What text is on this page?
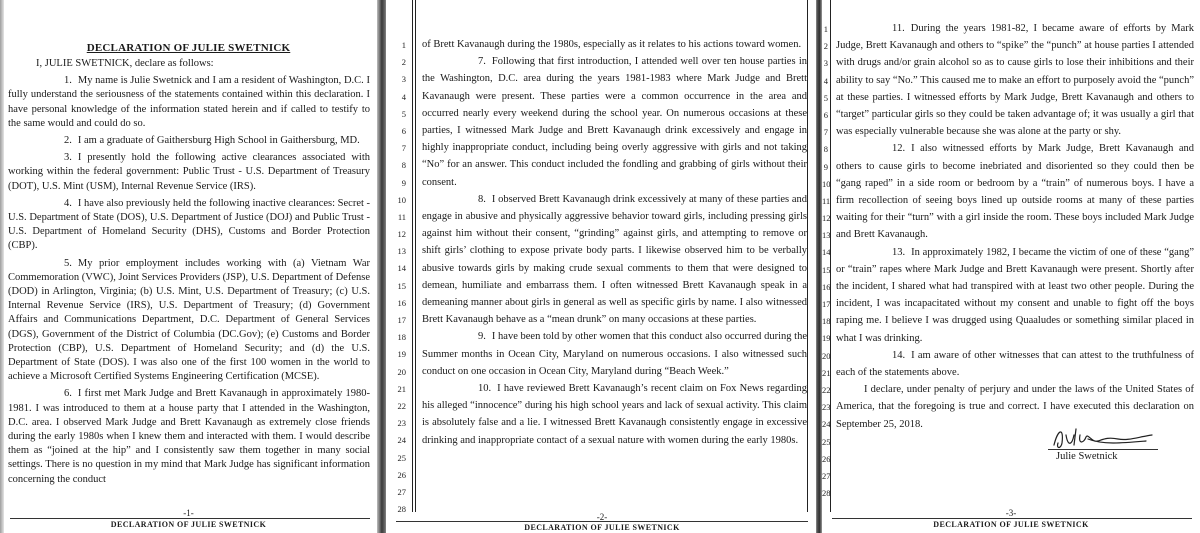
DECLARATION OF JULIE SWETNICK

I, JULIE SWETNICK, declare as follows:

1. My name is Julie Swetnick and I am a resident of Washington, D.C. I fully understand the seriousness of the statements contained within this declaration. I have personal knowledge of the information stated herein and if called to testify to the same would and could do so.

2. I am a graduate of Gaithersburg High School in Gaithersburg, MD.

3. I presently hold the following active clearances associated with working within the federal government: Public Trust - U.S. Department of Treasury (DOT), U.S. Mint (USM), Internal Revenue Service (IRS).

4. I have also previously held the following inactive clearances: Secret - U.S. Department of State (DOS), U.S. Department of Justice (DOJ) and Public Trust - U.S. Department of Homeland Security (DHS), Customs and Border Protection (CBP).

5. My prior employment includes working with (a) Vietnam War Commemoration (VWC), Joint Services Providers (JSP), U.S. Department of Defense (DOD) in Arlington, Virginia; (b) U.S. Mint, U.S. Department of Treasury; (c) U.S. Internal Revenue Service (IRS), U.S. Department of Treasury; (d) Government Affairs and Communications Department, D.C. Department of General Services (DGS), Government of the District of Columbia (DC.Gov); (e) Customs and Border Protection (CBP), U.S. Department of Homeland Security; and (d) the U.S. Department of State (DOS). I was also one of the first 100 women in the world to achieve a Microsoft Certified Systems Engineering Certification (MCSE).

6. I first met Mark Judge and Brett Kavanaugh in approximately 1980-1981. I was introduced to them at a house party that I attended in the Washington, D.C. area. I observed Mark Judge and Brett Kavanaugh as extremely close friends during the early 1980s when I knew them and interacted with them. I would describe them as “joined at the hip” and I consistently saw them together in many social settings. There is no question in my mind that Mark Judge has significant information concerning the conduct

-1-
DECLARATION OF JULIE SWETNICK
1
2
3
4
5
6
7
8
9
10
11
12
13
14
15
16
17
18
19
20
21
22
23
24
25
26
27
28

of Brett Kavanaugh during the 1980s, especially as it relates to his actions toward women.

7. Following that first introduction, I attended well over ten house parties in the Washington, D.C. area during the years 1981-1983 where Mark Judge and Brett Kavanaugh were present. These parties were a common occurrence in the area and occurred nearly every weekend during the school year. On numerous occasions at these parties, I witnessed Mark Judge and Brett Kavanaugh drink excessively and engage in highly inappropriate conduct, including being overly aggressive with girls and not taking “No” for an answer. This conduct included the fondling and grabbing of girls without their consent.

8. I observed Brett Kavanaugh drink excessively at many of these parties and engage in abusive and physically aggressive behavior toward girls, including pressing girls against him without their consent, “grinding” against girls, and attempting to remove or shift girls’ clothing to expose private body parts. I likewise observed him to be verbally abusive towards girls by making crude sexual comments to them that were designed to demean, humiliate and embarrass them. I often witnessed Brett Kavanaugh speak in a demeaning manner about girls in general as well as specific girls by name. I also witnessed Brett Kavanaugh behave as a “mean drunk” on many occasions at these parties.

9. I have been told by other women that this conduct also occurred during the Summer months in Ocean City, Maryland on numerous occasions. I also witnessed such conduct on one occasion in Ocean City, Maryland during “Beach Week.”

10. I have reviewed Brett Kavanaugh’s recent claim on Fox News regarding his alleged “innocence” during his high school years and lack of sexual activity. This claim is absolutely false and a lie. I witnessed Brett Kavanaugh consistently engage in excessive drinking and inappropriate contact of a sexual nature with women during the early 1980s.

-2-
DECLARATION OF JULIE SWETNICK
1
2
3
4
5
6
7
8
9
10
11
12
13
14
15
16
17
18
19
20
21
22
23
24
25
26
27
28

11. During the years 1981-82, I became aware of efforts by Mark Judge, Brett Kavanaugh and others to “spike” the “punch” at house parties I attended with drugs and/or grain alcohol so as to cause girls to lose their inhibitions and their ability to say “No.” This caused me to make an effort to purposely avoid the “punch” at these parties. I witnessed efforts by Mark Judge, Brett Kavanaugh and others to “target” particular girls so they could be taken advantage of; it was usually a girl that was especially vulnerable because she was alone at the party or shy.

12. I also witnessed efforts by Mark Judge, Brett Kavanaugh and others to cause girls to become inebriated and disoriented so they could then be “gang raped” in a side room or bedroom by a “train” of numerous boys. I have a firm recollection of seeing boys lined up outside rooms at many of these parties waiting for their “turn” with a girl inside the room. These boys included Mark Judge and Brett Kavanaugh.

13. In approximately 1982, I became the victim of one of these “gang” or “train” rapes where Mark Judge and Brett Kavanaugh were present. Shortly after the incident, I shared what had transpired with at least two other people. During the incident, I was incapacitated without my consent and unable to fight off the boys raping me. I believe I was drugged using Quaaludes or something similar placed in what I was drinking.

14. I am aware of other witnesses that can attest to the truthfulness of each of the statements above.

I declare, under penalty of perjury and under the laws of the United States of America, that the foregoing is true and correct. I have executed this declaration on September 25, 2018.

Julie Swetnick
-3-
DECLARATION OF JULIE SWETNICK
